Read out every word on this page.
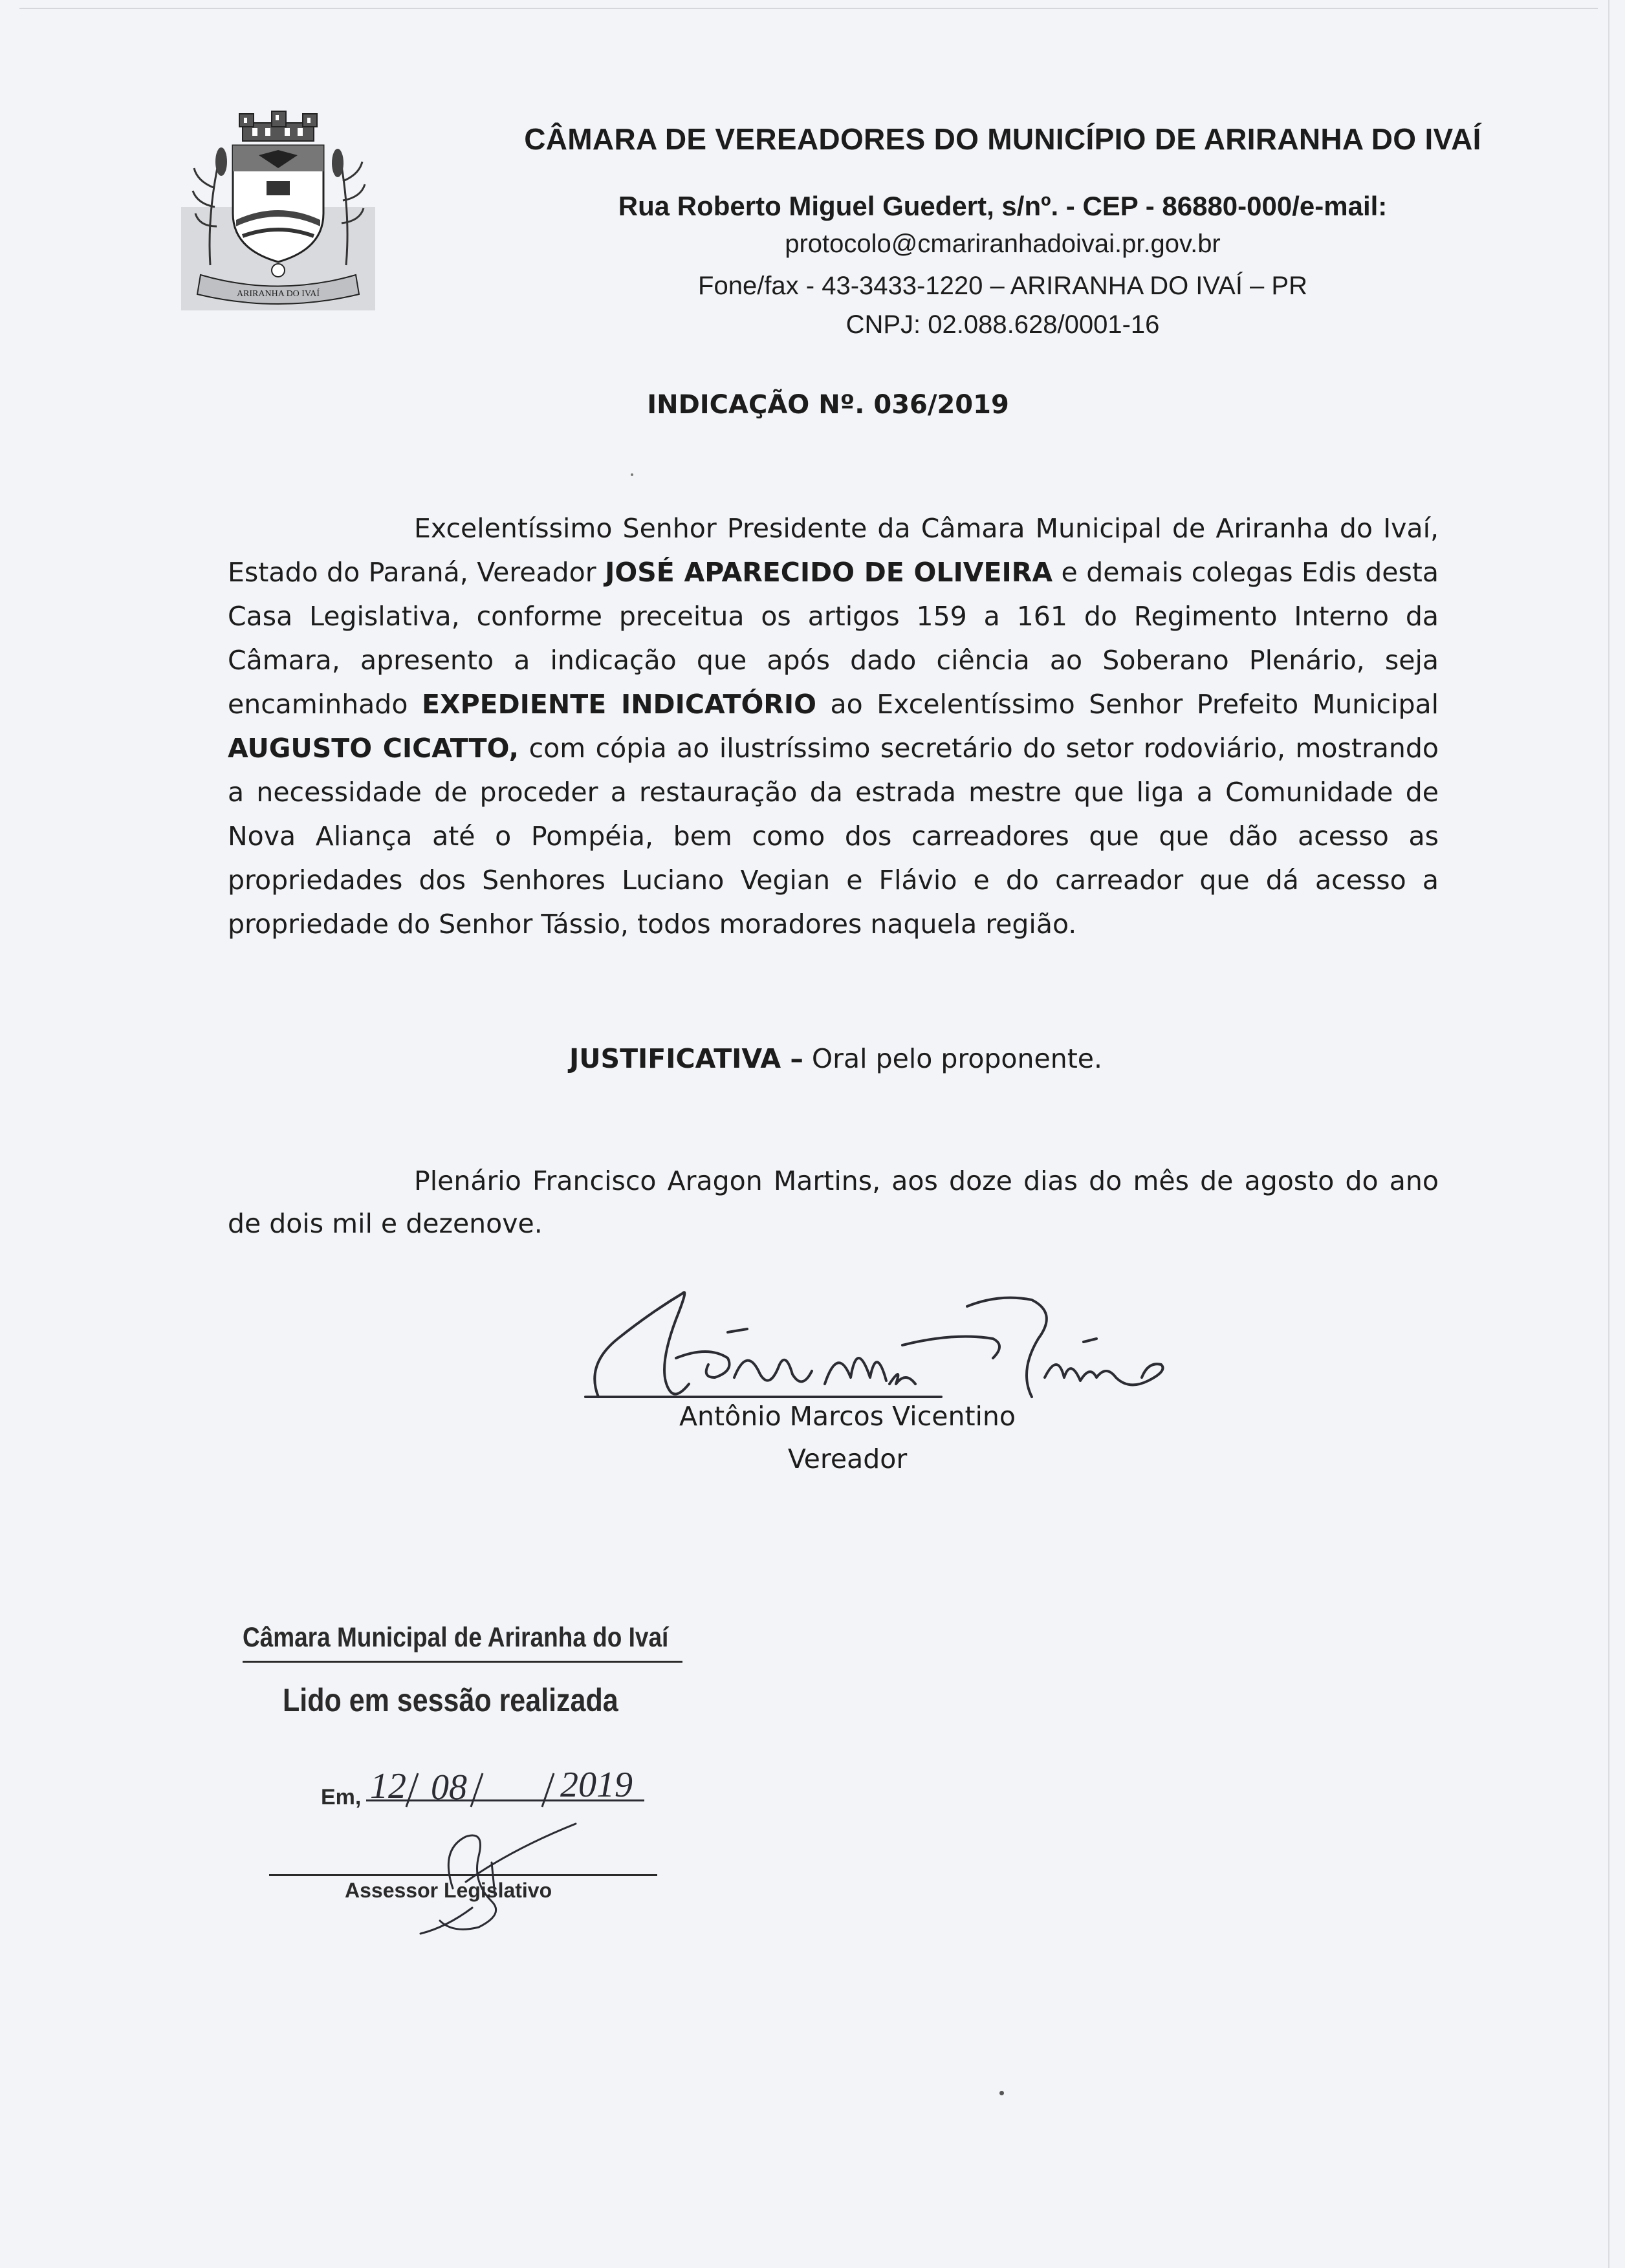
ARIRANHA DO IVAÍ
CÂMARA DE VEREADORES DO MUNICÍPIO DE ARIRANHA DO IVAÍ
Rua Roberto Miguel Guedert, s/nº. - CEP - 86880-000/e-mail:
protocolo@cmariranhadoivai.pr.gov.br
Fone/fax - 43-3433-1220 – ARIRANHA DO IVAÍ – PR
CNPJ: 02.088.628/0001-16
INDICAÇÃO Nº. 036/2019
Excelentíssimo Senhor Presidente da Câmara Municipal de Ariranha do Ivaí, Estado do Paraná, Vereador JOSÉ APARECIDO DE OLIVEIRA e demais colegas Edis desta Casa Legislativa, conforme preceitua os artigos 159 a 161 do Regimento Interno da Câmara, apresento a indicação que após dado ciência ao Soberano Plenário, seja encaminhado EXPEDIENTE INDICATÓRIO ao Excelentíssimo Senhor Prefeito Municipal AUGUSTO CICATTO, com cópia ao ilustríssimo secretário do setor rodoviário, mostrando a necessidade de proceder a restauração da estrada mestre que liga a Comunidade de Nova Aliança até o Pompéia, bem como dos carreadores que que dão acesso as propriedades dos Senhores Luciano Vegian e Flávio e do carreador que dá acesso a propriedade do Senhor Tássio, todos moradores naquela região.
JUSTIFICATIVA – Oral pelo proponente.
Plenário Francisco Aragon Martins, aos doze dias do mês de agosto do ano de dois mil e dezenove.
Antônio Marcos Vicentino
Vereador
Câmara Municipal de Ariranha do Ivaí
Lido em sessão realizada
Em, 12 08	2019
Assessor Legislativo
